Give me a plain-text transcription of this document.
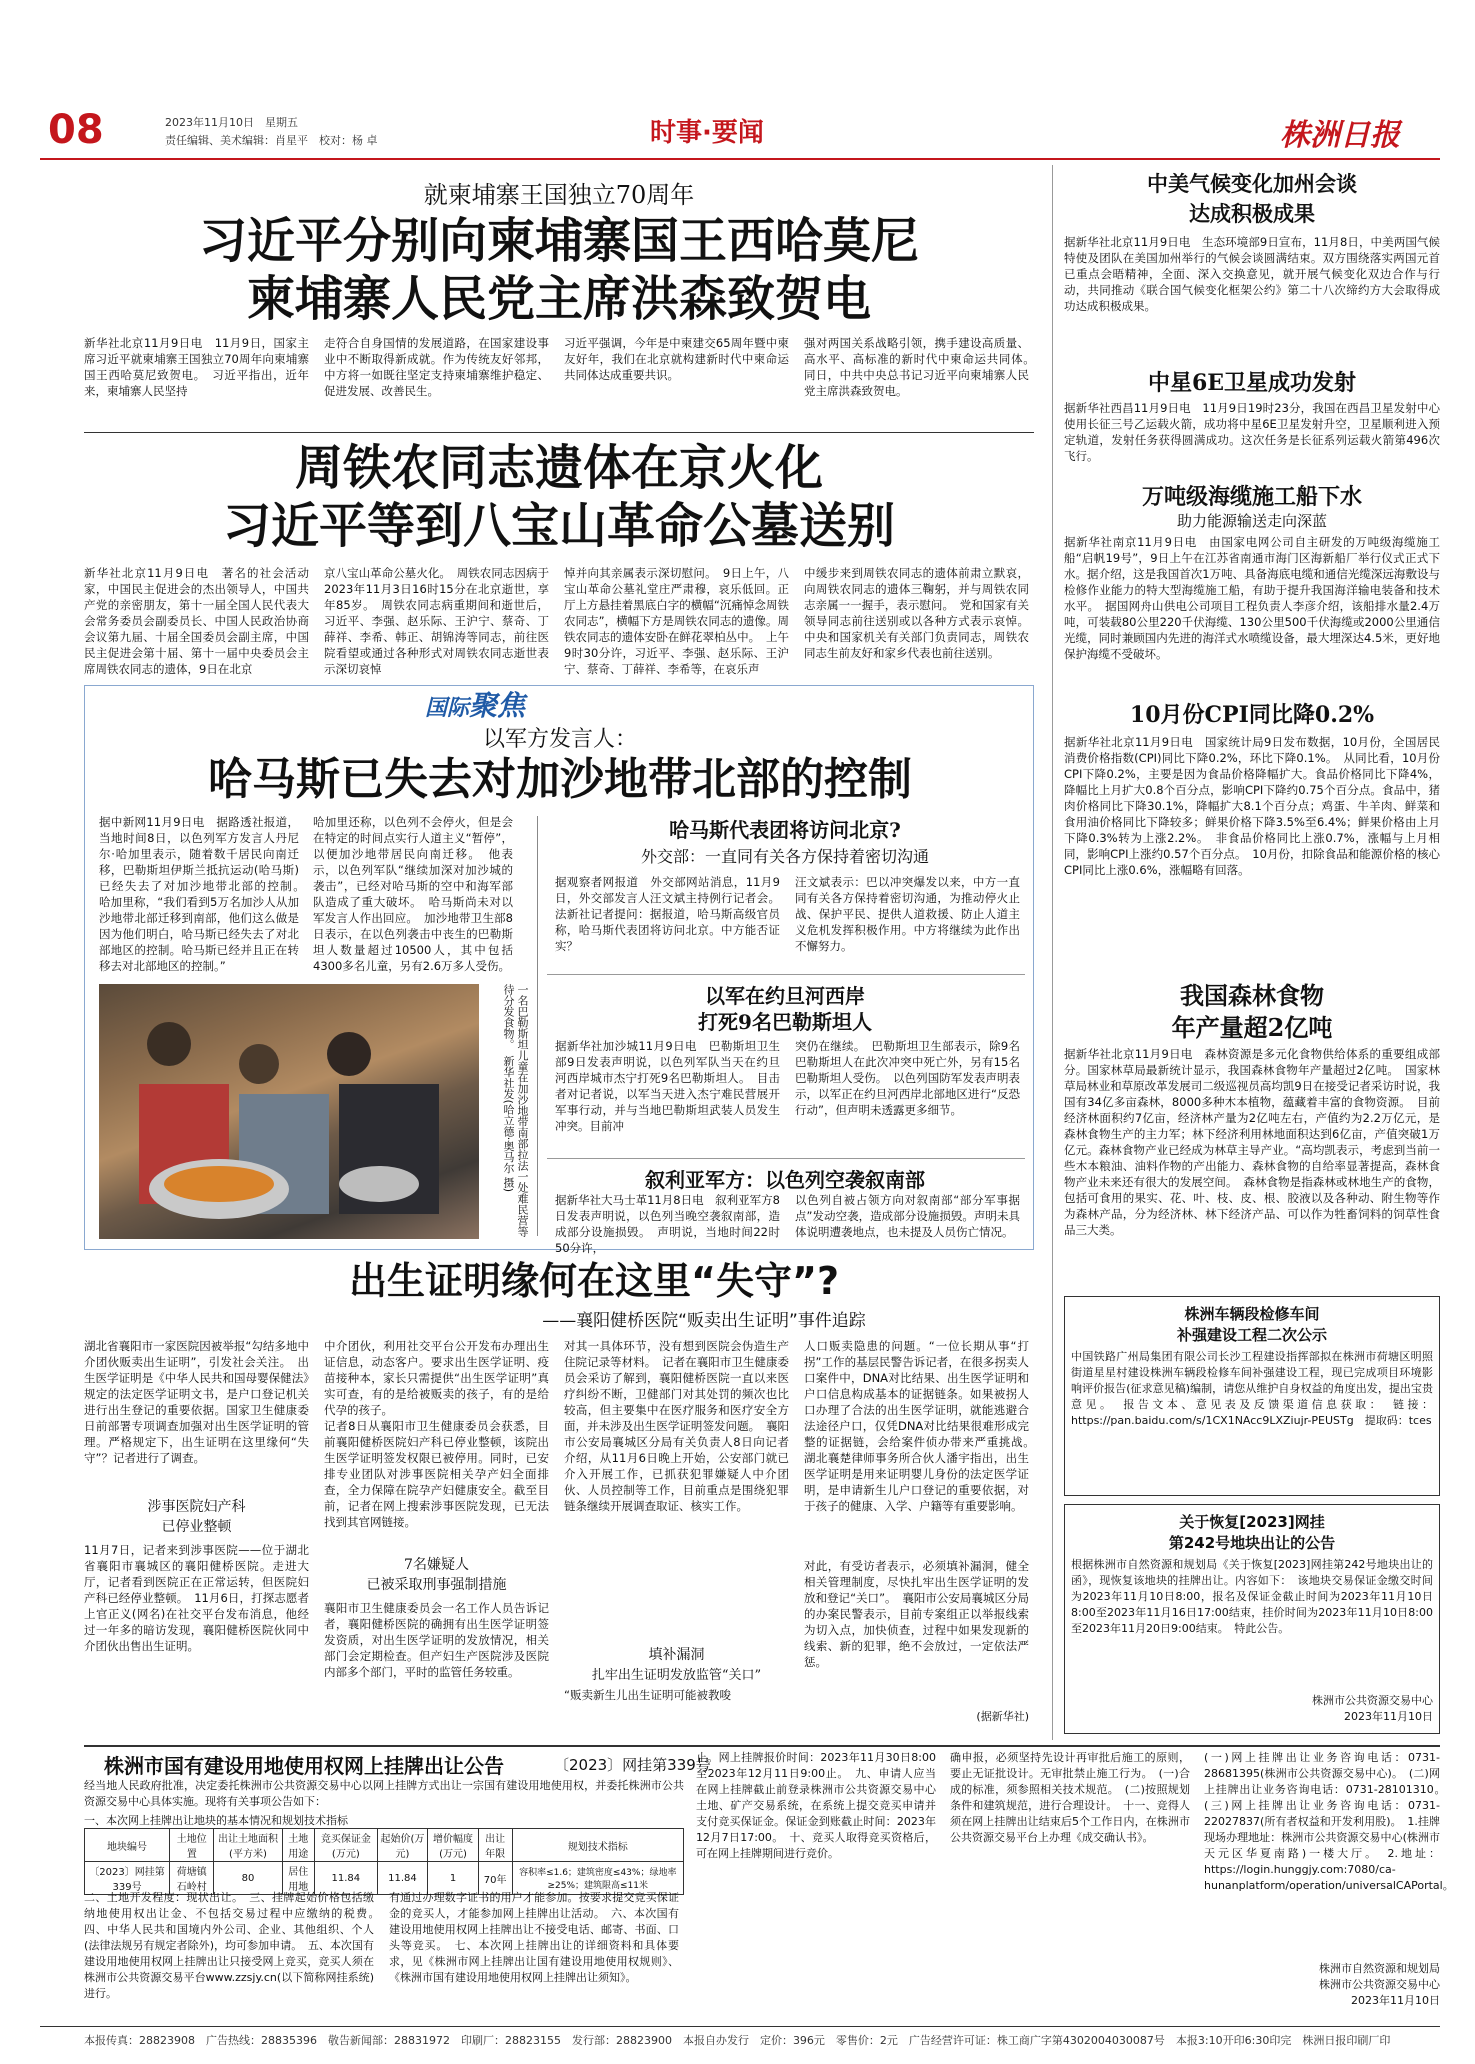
08	2023年11月10日　星期五
责任编辑、美术编辑：肖星平　校对：杨 卓	时事·要闻	株洲日报
就柬埔寨王国独立70周年
习近平分别向柬埔寨国王西哈莫尼
柬埔寨人民党主席洪森致贺电
新华社北京11月9日电　11月9日，国家主席习近平就柬埔寨王国独立70周年向柬埔寨国王西哈莫尼致贺电。　习近平指出，近年来，柬埔寨人民坚持
走符合自身国情的发展道路，在国家建设事业中不断取得新成就。作为传统友好邻邦，中方将一如既往坚定支持柬埔寨维护稳定、促进发展、改善民生。
习近平强调，今年是中柬建交65周年暨中柬友好年，我们在北京就构建新时代中柬命运共同体达成重要共识。
强对两国关系战略引领，携手建设高质量、高水平、高标准的新时代中柬命运共同体。　同日，中共中央总书记习近平向柬埔寨人民党主席洪森致贺电。
周铁农同志遗体在京火化
习近平等到八宝山革命公墓送别
新华社北京11月9日电　著名的社会活动家，中国民主促进会的杰出领导人，中国共产党的亲密朋友，第十一届全国人民代表大会常务委员会副委员长、中国人民政治协商会议第九届、十届全国委员会副主席，中国民主促进会第十届、第十一届中央委员会主席周铁农同志的遗体，9日在北京
京八宝山革命公墓火化。　周铁农同志因病于2023年11月3日16时15分在北京逝世，享年85岁。　周铁农同志病重期间和逝世后，习近平、李强、赵乐际、王沪宁、蔡奇、丁薛祥、李希、韩正、胡锦涛等同志，前往医院看望或通过各种形式对周铁农同志逝世表示深切哀悼
悼并向其亲属表示深切慰问。　9日上午，八宝山革命公墓礼堂庄严肃穆，哀乐低回。正厅上方悬挂着黑底白字的横幅“沉痛悼念周铁农同志”，横幅下方是周铁农同志的遗像。周铁农同志的遗体安卧在鲜花翠柏丛中。　上午9时30分许，习近平、李强、赵乐际、王沪宁、蔡奇、丁薛祥、李希等，在哀乐声
中缓步来到周铁农同志的遗体前肃立默哀，向周铁农同志的遗体三鞠躬，并与周铁农同志亲属一一握手，表示慰问。　党和国家有关领导同志前往送别或以各种方式表示哀悼。中央和国家机关有关部门负责同志，周铁农同志生前友好和家乡代表也前往送别。
国际聚焦
以军方发言人：
哈马斯已失去对加沙地带北部的控制
据中新网11月9日电　据路透社报道，当地时间8日，以色列军方发言人丹尼尔·哈加里表示，随着数千居民向南迁移，巴勒斯坦伊斯兰抵抗运动(哈马斯)已经失去了对加沙地带北部的控制。　哈加里称，“我们看到5万名加沙人从加沙地带北部迁移到南部，他们这么做是因为他们明白，哈马斯已经失去了对北部地区的控制。哈马斯已经并且正在转移去对北部地区的控制。”
哈加里还称，以色列不会停火，但是会在特定的时间点实行人道主义“暂停”，以便加沙地带居民向南迁移。　他表示，以色列军队“继续加深对加沙城的袭击”，已经对哈马斯的空中和海军部队造成了重大破坏。　哈马斯尚未对以军发言人作出回应。　加沙地带卫生部8日表示，在以色列袭击中丧生的巴勒斯坦人数量超过10500人，其中包括4300多名儿童，另有2.6万多人受伤。
一名巴勒斯坦儿童在加沙地带南部拉法一处难民营等待分发食物。　新华社发(哈立德·奥马尔 摄)
哈马斯代表团将访问北京?
外交部：一直同有关各方保持着密切沟通
据观察者网报道　外交部网站消息，11月9日，外交部发言人汪文斌主持例行记者会。法新社记者提问：据报道，哈马斯高级官员称，哈马斯代表团将访问北京。中方能否证实？
汪文斌表示：巴以冲突爆发以来，中方一直同有关各方保持着密切沟通，为推动停火止战、保护平民、提供人道救援、防止人道主义危机发挥积极作用。中方将继续为此作出不懈努力。
以军在约旦河西岸
打死9名巴勒斯坦人
据新华社加沙城11月9日电　巴勒斯坦卫生部9日发表声明说，以色列军队当天在约旦河西岸城市杰宁打死9名巴勒斯坦人。　目击者对记者说，以军当天进入杰宁难民营展开军事行动，并与当地巴勒斯坦武装人员发生冲突。目前冲
突仍在继续。　巴勒斯坦卫生部表示，除9名巴勒斯坦人在此次冲突中死亡外，另有15名巴勒斯坦人受伤。　以色列国防军发表声明表示，以军正在约旦河西岸北部地区进行“反恐行动”，但声明未透露更多细节。
叙利亚军方：以色列空袭叙南部
据新华社大马士革11月8日电　叙利亚军方8日发表声明说，以色列当晚空袭叙南部，造成部分设施损毁。　声明说，当地时间22时50分许，
以色列自被占领方向对叙南部“部分军事据点”发动空袭，造成部分设施损毁。声明未具体说明遭袭地点，也未提及人员伤亡情况。
出生证明缘何在这里“失守”?
——襄阳健桥医院“贩卖出生证明”事件追踪
湖北省襄阳市一家医院因被举报“勾结多地中介团伙贩卖出生证明”，引发社会关注。　出生医学证明是《中华人民共和国母婴保健法》规定的法定医学证明文书，是户口登记机关进行出生登记的重要依据。国家卫生健康委日前部署专项调查加强对出生医学证明的管理。严格规定下，出生证明在这里缘何“失守”？记者进行了调查。
涉事医院妇产科
已停业整顿
11月7日，记者来到涉事医院——位于湖北省襄阳市襄城区的襄阳健桥医院。走进大厅，记者看到医院正在正常运转，但医院妇产科已经停业整顿。　11月6日，打探志愿者上官正义(网名)在社交平台发布消息，他经过一年多的暗访发现，襄阳健桥医院伙同中介团伙出售出生证明。
中介团伙，利用社交平台公开发布办理出生证信息，动态客户。要求出生医学证明、疫苗接种本，家长只需提供“出生医学证明”真实可查，有的是给被贩卖的孩子，有的是给代孕的孩子。
记者8日从襄阳市卫生健康委员会获悉，目前襄阳健桥医院妇产科已停业整顿，该院出生医学证明签发权限已被停用。同时，已安排专业团队对涉事医院相关孕产妇全面排查，全力保障在院孕产妇健康安全。截至目前，记者在网上搜索涉事医院发现，已无法找到其官网链接。
7名嫌疑人
已被采取刑事强制措施
襄阳市卫生健康委员会一名工作人员告诉记者，襄阳健桥医院的确拥有出生医学证明签发资质，对出生医学证明的发放情况，相关部门会定期检查。但产妇生产医院涉及医院内部多个部门，平时的监管任务较重。
对其一具体环节，没有想到医院会伪造生产住院记录等材料。　记者在襄阳市卫生健康委员会采访了解到，襄阳健桥医院一直以来医疗纠纷不断，卫健部门对其处罚的频次也比较高，但主要集中在医疗服务和医疗安全方面，并未涉及出生医学证明签发问题。　襄阳市公安局襄城区分局有关负责人8日向记者介绍，从11月6日晚上开始，公安部门就已介入开展工作，已抓获犯罪嫌疑人中介团伙、人员控制等工作，目前重点是围绕犯罪链条继续开展调查取证、核实工作。
填补漏洞
扎牢出生证明发放监管“关口”
“贩卖新生儿出生证明可能被教唆
人口贩卖隐患的问题。“一位长期从事“打拐”工作的基层民警告诉记者，在很多拐卖人口案件中，DNA对比结果、出生医学证明和户口信息构成基本的证据链条。如果被拐人口办理了合法的出生医学证明，就能逃避合法途径户口，仅凭DNA对比结果很难形成完整的证据链，会给案件侦办带来严重挑战。　湖北襄楚律师事务所合伙人潘宇指出，出生医学证明是用来证明婴儿身份的法定医学证明，是申请新生儿户口登记的重要依据，对于孩子的健康、入学、户籍等有重要影响。
对此，有受访者表示，必须填补漏洞，健全相关管理制度，尽快扎牢出生医学证明的发放和登记“关口”。　襄阳市公安局襄城区分局的办案民警表示，目前专案组正以举报线索为切入点，加快侦查，过程中如果发现新的线索、新的犯罪，绝不会放过，一定依法严惩。
(据新华社)
中美气候变化加州会谈
达成积极成果
据新华社北京11月9日电　生态环境部9日宣布，11月8日，中美两国气候特使及团队在美国加州举行的气候会谈圆满结束。双方围绕落实两国元首已重点会晤精神，全面、深入交换意见，就开展气候变化双边合作与行动，共同推动《联合国气候变化框架公约》第二十八次缔约方大会取得成功达成积极成果。
中星6E卫星成功发射
据新华社西昌11月9日电　11月9日19时23分，我国在西昌卫星发射中心使用长征三号乙运载火箭，成功将中星6E卫星发射升空，卫星顺利进入预定轨道，发射任务获得圆满成功。这次任务是长征系列运载火箭第496次飞行。
万吨级海缆施工船下水
助力能源输送走向深蓝
据新华社南京11月9日电　由国家电网公司自主研发的万吨级海缆施工船“启帆19号”，9日上午在江苏省南通市海门区海新船厂举行仪式正式下水。据介绍，这是我国首次1万吨、具备海底电缆和通信光缆深远海敷设与检修作业能力的特大型海缆施工船，有助于提升我国海洋输电装备和技术水平。　据国网舟山供电公司项目工程负责人李彦介绍，该船排水量2.4万吨，可装载80公里220千伏海缆、130公里500千伏海缆或2000公里通信光缆，同时兼顾国内先进的海洋式水喷缆设备，最大埋深达4.5米，更好地保护海缆不受破坏。
10月份CPI同比降0.2%
据新华社北京11月9日电　国家统计局9日发布数据，10月份，全国居民消费价格指数(CPI)同比下降0.2%，环比下降0.1%。　从同比看，10月份CPI下降0.2%，主要是因为食品价格降幅扩大。食品价格同比下降4%，降幅比上月扩大0.8个百分点，影响CPI下降约0.75个百分点。食品中，猪肉价格同比下降30.1%，降幅扩大8.1个百分点；鸡蛋、牛羊肉、鲜菜和食用油价格同比下降较多；鲜果价格下降3.5%至6.4%；鲜果价格由上月下降0.3%转为上涨2.2%。　非食品价格同比上涨0.7%，涨幅与上月相同，影响CPI上涨约0.57个百分点。　10月份，扣除食品和能源价格的核心CPI同比上涨0.6%，涨幅略有回落。
我国森林食物
年产量超2亿吨
据新华社北京11月9日电　森林资源是多元化食物供给体系的重要组成部分。国家林草局最新统计显示，我国森林食物年产量超过2亿吨。　国家林草局林业和草原改革发展司二级巡视员高均凯9日在接受记者采访时说，我国有34亿多亩森林，8000多种木本植物，蕴藏着丰富的食物资源。　目前经济林面积约7亿亩，经济林产量为2亿吨左右，产值约为2.2万亿元，是森林食物生产的主力军；林下经济利用林地面积达到6亿亩，产值突破1万亿元。森林食物产业已经成为林草主导产业。“高均凯表示，考虑到当前一些木本粮油、油料作物的产出能力、森林食物的自给率显著提高，森林食物产业未来还有很大的发展空间。　森林食物是指森林或林地生产的食物，包括可食用的果实、花、叶、枝、皮、根、胶液以及各种动、附生物等作为森林产品，分为经济林、林下经济产品、可以作为牲畜饲料的饲草性食品三大类。
株洲车辆段检修车间
补强建设工程二次公示
中国铁路广州局集团有限公司长沙工程建设指挥部拟在株洲市荷塘区明照街道星星村建设株洲车辆段检修车间补强建设工程，现已完成项目环境影响评价报告(征求意见稿)编制，请您从维护自身权益的角度出发，提出宝贵意见。　报告文本、意见表及反馈渠道信息获取：　链接：https://pan.baidu.com/s/1CX1NAcc9LXZiujr-PEUSTg　提取码：tces
关于恢复[2023]网挂
第242号地块出让的公告
根据株洲市自然资源和规划局《关于恢复[2023]网挂第242号地块出让的函》，现恢复该地块的挂牌出让。内容如下：　该地块交易保证金缴交时间为2023年11月10日8:00，报名及保证金截止时间为2023年11月10日8:00至2023年11月16日17:00结束，挂价时间为2023年11月10日8:00至2023年11月20日9:00结束。　特此公告。
株洲市公共资源交易中心
2023年11月10日
株洲市国有建设用地使用权网上挂牌出让公告	〔2023〕网挂第339号
经当地人民政府批准，决定委托株洲市公共资源交易中心以网上挂牌方式出让一宗国有建设用地使用权，并委托株洲市公共资源交易中心具体实施。现将有关事项公告如下：
一、本次网上挂牌出让地块的基本情况和规划技术指标
地块编号	土地位置	出让土地面积(平方米)	土地用途	竞买保证金(万元)	起始价(万元)	增价幅度(万元)	出让年限	规划技术指标
〔2023〕网挂第339号	荷塘镇石岭村	80	居住用地	11.84	11.84	1	70年	容积率≤1.6；建筑密度≤43%；绿地率≥25%；建筑限高≤11米
二、土地开发程度：现状出让。　三、挂牌起始价格包括缴纳地使用权出让金、不包括交易过程中应缴纳的税费。　四、中华人民共和国境内外公司、企业、其他组织、个人(法律法规另有规定者除外)，均可参加申请。　五、本次国有建设用地使用权网上挂牌出让只接受网上竞买，竞买人须在株洲市公共资源交易平台www.zzsjy.cn(以下简称网挂系统)进行。
有通过办理数字证书的用户才能参加。按要求提交竞买保证金的竞买人，才能参加网上挂牌出让活动。　六、本次国有建设用地使用权网上挂牌出让不接受电话、邮寄、书面、口头等竞买。　七、本次网上挂牌出让的详细资料和具体要求，见《株洲市网上挂牌出让国有建设用地使用权规则》、《株洲市国有建设用地使用权网上挂牌出让须知》。
止。网上挂牌报价时间：2023年11月30日8:00至2023年12月11日9:00止。　九、申请人应当在网上挂牌截止前登录株洲市公共资源交易中心土地、矿产交易系统，在系统上提交竞买申请并支付竞买保证金。保证金到账截止时间：2023年12月7日17:00。　十、竞买人取得竞买资格后，可在网上挂牌期间进行竞价。
确申报，必须坚持先设计再审批后施工的原则，要止无证批设计。无审批禁止施工行为。　(一)合成的标准，须参照相关技术规范。　(二)按照规划条件和建筑规范，进行合理设计。　十一、竞得人须在网上挂牌出让结束后5个工作日内，在株洲市公共资源交易平台上办理《成交确认书》。
(一)网上挂牌出让业务咨询电话：0731-28681395(株洲市公共资源交易中心)。　(二)网上挂牌出让业务咨询电话：0731-28101310。　(三)网上挂牌出让业务咨询电话：0731-22027837(所有者权益和开发利用股)。　1.挂牌现场办理地址：株洲市公共资源交易中心(株洲市天元区华夏南路)一楼大厅。　2.地址：https://login.hunggjy.com:7080/ca-hunanplatform/operation/universalCAPortal。
株洲市自然资源和规划局
株洲市公共资源交易中心
2023年11月10日
本报传真：28823908　广告热线：28835396　敬告新闻部：28831972　印刷厂：28823155　发行部：28823900　本报自办发行　定价：396元　零售价：2元　广告经营许可证：株工商广字第4302004030087号　本报3:10开印6:30印完　株洲日报印刷厂印
